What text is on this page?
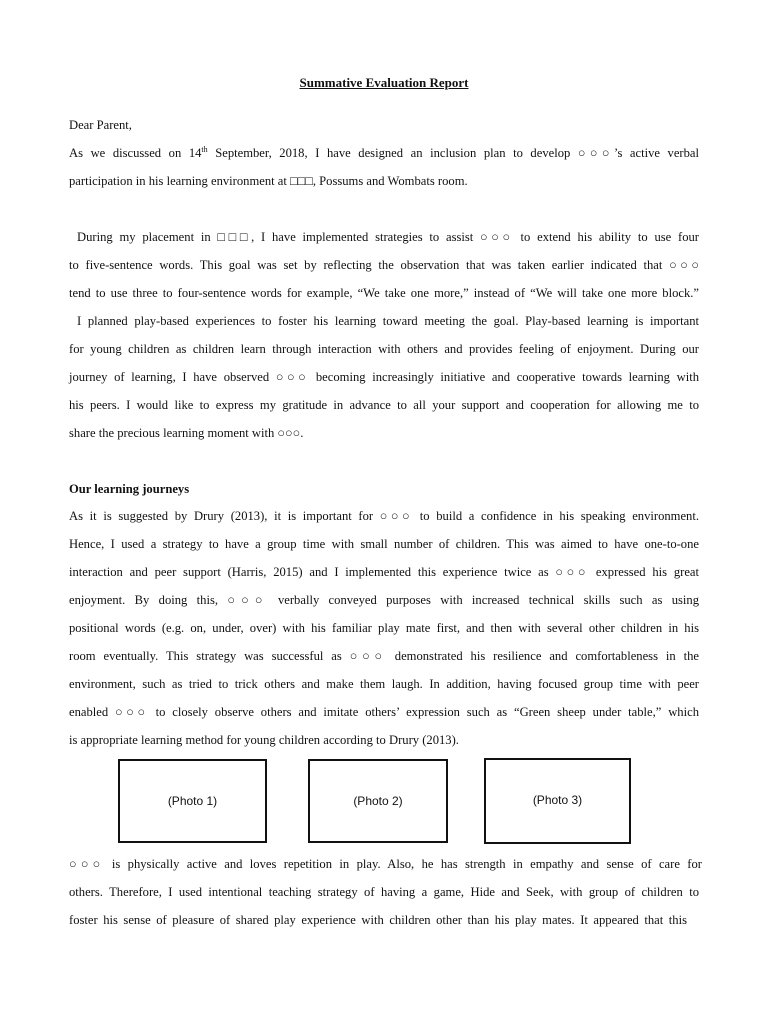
Summative Evaluation Report
Dear Parent,
As we discussed on 14th September, 2018, I have designed an inclusion plan to develop ○○○’s active verbal
participation in his learning environment at □□□, Possums and Wombats room.
During my placement in □□□, I have implemented strategies to assist ○○○ to extend his ability to use four
to five-sentence words. This goal was set by reflecting the observation that was taken earlier indicated that ○○○
tend to use three to four-sentence words for example, “We take one more,” instead of “We will take one more block.”
I planned play-based experiences to foster his learning toward meeting the goal. Play-based learning is important
for young children as children learn through interaction with others and provides feeling of enjoyment. During our
journey of learning, I have observed ○○○ becoming increasingly initiative and cooperative towards learning with
his peers. I would like to express my gratitude in advance to all your support and cooperation for allowing me to
share the precious learning moment with ○○○.
Our learning journeys
As it is suggested by Drury (2013), it is important for ○○○ to build a confidence in his speaking environment.
Hence, I used a strategy to have a group time with small number of children. This was aimed to have one-to-one
interaction and peer support (Harris, 2015) and I implemented this experience twice as ○○○ expressed his great
enjoyment. By doing this, ○○○ verbally conveyed purposes with increased technical skills such as using
positional words (e.g. on, under, over) with his familiar play mate first, and then with several other children in his
room eventually. This strategy was successful as ○○○ demonstrated his resilience and comfortableness in the
environment, such as tried to trick others and make them laugh. In addition, having focused group time with peer
enabled ○○○ to closely observe others and imitate others’ expression such as “Green sheep under table,” which
is appropriate learning method for young children according to Drury (2013).
(Photo 1)	(Photo 2)	(Photo 3)
○○○ is physically active and loves repetition in play. Also, he has strength in empathy and sense of care for
others. Therefore, I used intentional teaching strategy of having a game, Hide and Seek, with group of children to
foster his sense of pleasure of shared play experience with children other than his play mates. It appeared that this
